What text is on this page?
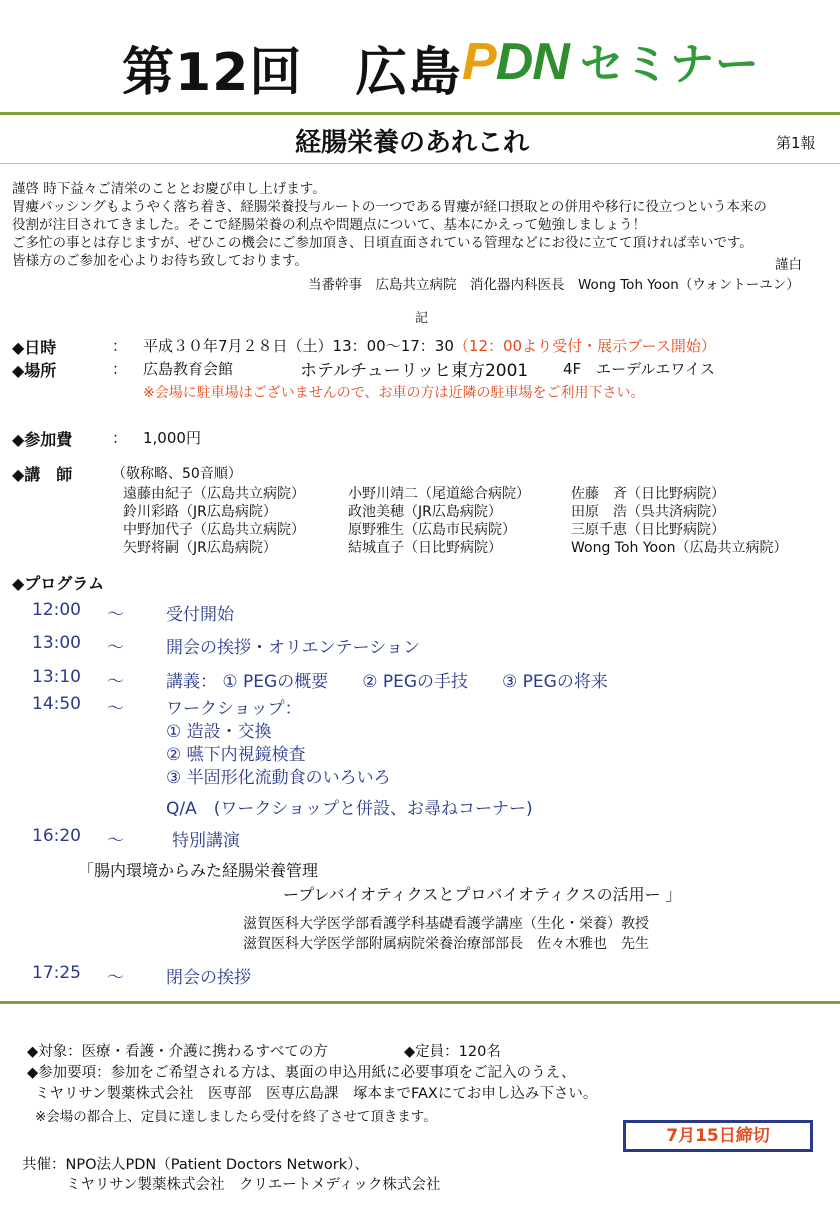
第12回　広島 PDN セミナー
経腸栄養のあれこれ	第1報
謹啓 時下益々ご清栄のこととお慶び申し上げます。
胃瘻バッシングもようやく落ち着き、経腸栄養投与ルートの一つである胃瘻が経口摂取との併用や移行に役立つという本来の
役割が注目されてきました。そこで経腸栄養の利点や問題点について、基本にかえって勉強しましょう！
ご多忙の事とは存じますが、ぜひこの機会にご参加頂き、日頃直面されている管理などにお役に立てて頂ければ幸いです。
皆様方のご参加を心よりお待ち致しております。	謹白
当番幹事　広島共立病院　消化器内科医長　Wong Toh Yoon（ウォントーユン）
記
◆日時	： 平成３０年7月２８日（土）13：00～17：30（12：00より受付・展示ブース開始）
◆場所	： 広島教育会館	ホテルチューリッヒ東方2001 4F　エーデルエワイス
※会場に駐車場はございませんので、お車の方は近隣の駐車場をご利用下さい。
◆参加費	： 1,000円
◆講　師	（敬称略、50音順）
遠藤由紀子（広島共立病院）	小野川靖二（尾道総合病院）	佐藤　斉（日比野病院）
鈴川彩路（JR広島病院）	政池美穂（JR広島病院）	田原　浩（呉共済病院）
中野加代子（広島共立病院）	原野雅生（広島市民病院）	三原千恵（日比野病院）
矢野将嗣（JR広島病院）	結城直子（日比野病院）	Wong Toh Yoon（広島共立病院）
◆プログラム
12:00 ～ 受付開始
13:00 ～ 開会の挨拶・オリエンテーション
13:10 ～ 講義： ① PEGの概要　　② PEGの手技　　③ PEGの将来
14:50 ～ ワークショップ：
① 造設・交換
② 嚥下内視鏡検査
③ 半固形化流動食のいろいろ
Q/A　(ワークショップと併設、お尋ねコーナー)
16:20 ～	特別講演
「腸内環境からみた経腸栄養管理
ープレバイオティクスとプロバイオティクスの活用ー 」
滋賀医科大学医学部看護学科基礎看護学講座（生化・栄養）教授
滋賀医科大学医学部附属病院栄養治療部部長　佐々木雅也　先生
17:25 ～ 閉会の挨拶
◆対象：医療・看護・介護に携わるすべての方	◆定員：120名
◆参加要項：参加をご希望される方は、裏面の申込用紙に必要事項をご記入のうえ、
ミヤリサン製薬株式会社　医専部　医専広島課　塚本までFAXにてお申し込み下さい。
※会場の都合上、定員に達しましたら受付を終了させて頂きます。
7月15日締切
共催：NPO法人PDN（Patient Doctors Network）、
ミヤリサン製薬株式会社　クリエートメディック株式会社
